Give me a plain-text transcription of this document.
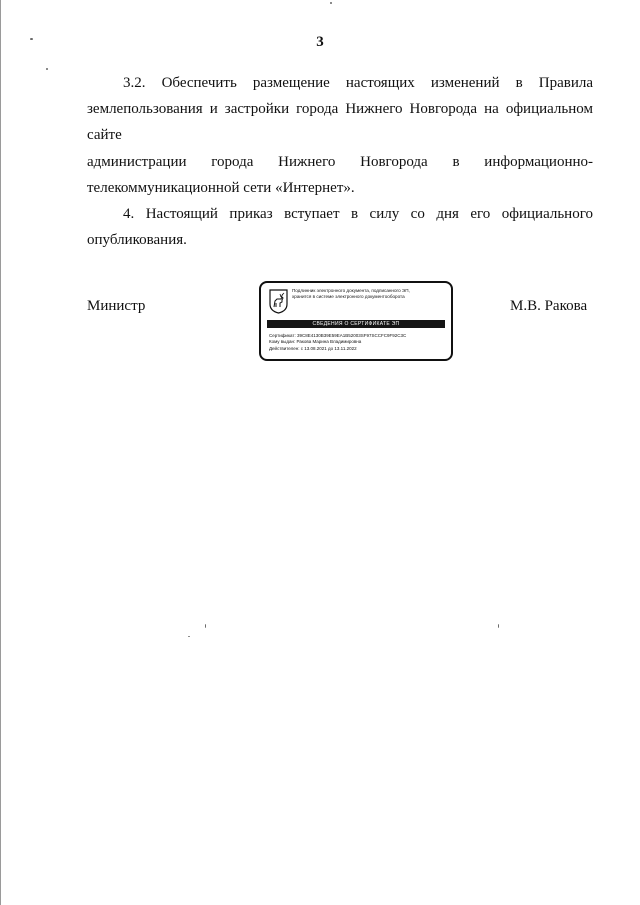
3

3.2. Обеспечить размещение настоящих изменений в Правила землепользования и застройки города Нижнего Новгорода на официальном сайте

администрации города Нижнего Новгорода в информационно-

телекоммуникационной сети «Интернет».

4. Настоящий приказ вступает в силу со дня его официального опубликования.

Министр	М.В. Ракова
Подлинник электронного документа, подписанного ЭП,
хранится в системе электронного документооборота
СВЕДЕНИЯ О СЕРТИФИКАТЕ ЭП
Сертификат: 39C8E4130B39E59EA1B52003SF97SCCFC9F92C3C
Кому выдан: Ракова Марина Владимировна
Действителен: с 13.08.2021 до 13.11.2022
